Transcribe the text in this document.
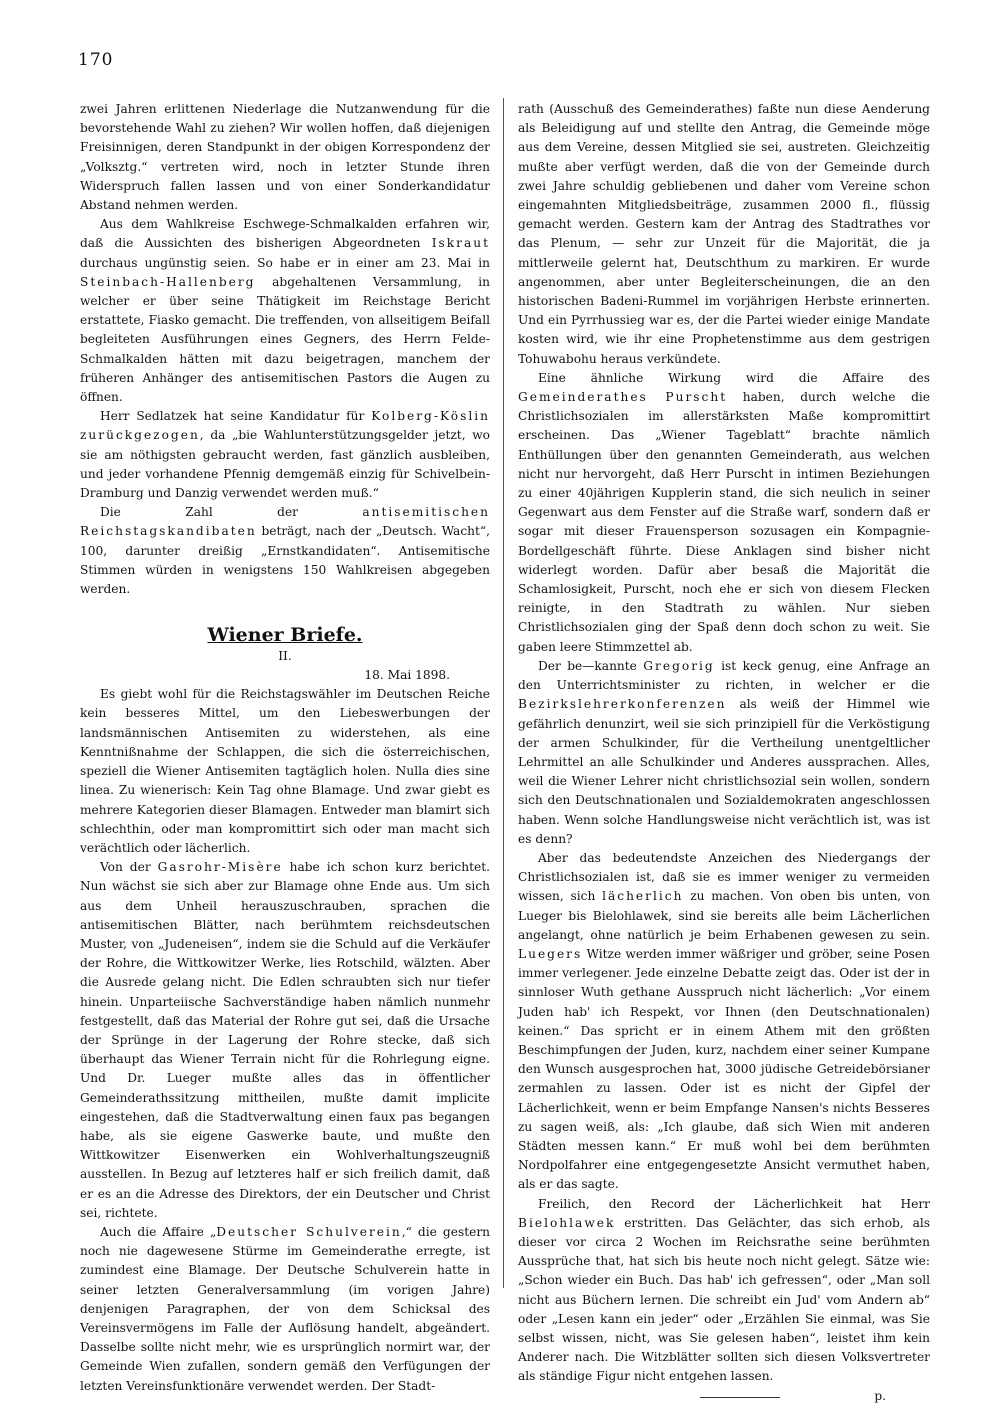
170

zwei Jahren erlittenen Niederlage die Nutzanwendung für die bevorstehende Wahl zu ziehen? Wir wollen hoffen, daß diejenigen Freisinnigen, deren Standpunkt in der obigen Korrespondenz der „Volksztg.“ vertreten wird, noch in letzter Stunde ihren Widerspruch fallen lassen und von einer Sonderkandidatur Abstand nehmen werden.

Aus dem Wahlkreise Eschwege-Schmalkalden erfahren wir, daß die Aussichten des bisherigen Abgeordneten Iskraut durchaus ungünstig seien. So habe er in einer am 23. Mai in Steinbach-Hallenberg abgehaltenen Versammlung, in welcher er über seine Thätigkeit im Reichstage Bericht erstattete, Fiasko gemacht. Die treffenden, von allseitigem Beifall begleiteten Ausführungen eines Gegners, des Herrn Felde-Schmalkalden hätten mit dazu beigetragen, manchem der früheren Anhänger des antisemitischen Pastors die Augen zu öffnen.

Herr Sedlatzek hat seine Kandidatur für Kolberg-Köslin zurückgezogen, da „bie Wahlunterstützungsgelder jetzt, wo sie am nöthigsten gebraucht werden, fast gänzlich ausbleiben, und jeder vorhandene Pfennig demgemäß einzig für Schivelbein-Dramburg und Danzig verwendet werden muß.“

Die Zahl der antisemitischen Reichstagskandibaten beträgt, nach der „Deutsch. Wacht“, 100, darunter dreißig „Ernstkandidaten“. Antisemitische Stimmen würden in wenigstens 150 Wahlkreisen abgegeben werden.

Wiener Briefe.

II.

18. Mai 1898.

Es giebt wohl für die Reichstagswähler im Deutschen Reiche kein besseres Mittel, um den Liebeswerbungen der landsmännischen Antisemiten zu widerstehen, als eine Kenntnißnahme der Schlappen, die sich die österreichischen, speziell die Wiener Antisemiten tagtäglich holen. Nulla dies sine linea. Zu wienerisch: Kein Tag ohne Blamage. Und zwar giebt es mehrere Kategorien dieser Blamagen. Entweder man blamirt sich schlechthin, oder man kompromittirt sich oder man macht sich verächtlich oder lächerlich.

Von der Gasrohr-Misère habe ich schon kurz berichtet. Nun wächst sie sich aber zur Blamage ohne Ende aus. Um sich aus dem Unheil herauszuschrauben, sprachen die antisemitischen Blätter, nach berühmtem reichsdeutschen Muster, von „Judeneisen“, indem sie die Schuld auf die Verkäufer der Rohre, die Wittkowitzer Werke, lies Rotschild, wälzten. Aber die Ausrede gelang nicht. Die Edlen schraubten sich nur tiefer hinein. Unparteiische Sachverständige haben nämlich nunmehr festgestellt, daß das Material der Rohre gut sei, daß die Ursache der Sprünge in der Lagerung der Rohre stecke, daß sich überhaupt das Wiener Terrain nicht für die Rohrlegung eigne. Und Dr. Lueger mußte alles das in öffentlicher Gemeinderathssitzung mittheilen, mußte damit implicite eingestehen, daß die Stadtverwaltung einen faux pas begangen habe, als sie eigene Gaswerke baute, und mußte den Wittkowitzer Eisenwerken ein Wohlverhaltungszeugniß ausstellen. In Bezug auf letzteres half er sich freilich damit, daß er es an die Adresse des Direktors, der ein Deutscher und Christ sei, richtete.

Auch die Affaire „Deutscher Schulverein,“ die gestern noch nie dagewesene Stürme im Gemeinderathe erregte, ist zumindest eine Blamage. Der Deutsche Schulverein hatte in seiner letzten Generalversammlung (im vorigen Jahre) denjenigen Paragraphen, der von dem Schicksal des Vereinsvermögens im Falle der Auflösung handelt, abgeändert. Dasselbe sollte nicht mehr, wie es ursprünglich normirt war, der Gemeinde Wien zufallen, sondern gemäß den Verfügungen der letzten Vereinsfunktionäre verwendet werden. Der Stadt-

rath (Ausschuß des Gemeinderathes) faßte nun diese Aenderung als Beleidigung auf und stellte den Antrag, die Gemeinde möge aus dem Vereine, dessen Mitglied sie sei, austreten. Gleichzeitig mußte aber verfügt werden, daß die von der Gemeinde durch zwei Jahre schuldig gebliebenen und daher vom Vereine schon eingemahnten Mitgliedsbeiträge, zusammen 2000 fl., flüssig gemacht werden. Gestern kam der Antrag des Stadtrathes vor das Plenum, — sehr zur Unzeit für die Majorität, die ja mittlerweile gelernt hat, Deutschthum zu markiren. Er wurde angenommen, aber unter Begleiterscheinungen, die an den historischen Badeni-Rummel im vorjährigen Herbste erinnerten. Und ein Pyrrhussieg war es, der die Partei wieder einige Mandate kosten wird, wie ihr eine Prophetenstimme aus dem gestrigen Tohuwabohu heraus verkündete.

Eine ähnliche Wirkung wird die Affaire des Gemeinderathes Purscht haben, durch welche die Christlichsozialen im allerstärksten Maße kompromittirt erscheinen. Das „Wiener Tageblatt“ brachte nämlich Enthüllungen über den genannten Gemeinderath, aus welchen nicht nur hervorgeht, daß Herr Purscht in intimen Beziehungen zu einer 40jährigen Kupplerin stand, die sich neulich in seiner Gegenwart aus dem Fenster auf die Straße warf, sondern daß er sogar mit dieser Frauensperson sozusagen ein Kompagnie-Bordellgeschäft führte. Diese Anklagen sind bisher nicht widerlegt worden. Dafür aber besaß die Majorität die Schamlosigkeit, Purscht, noch ehe er sich von diesem Flecken reinigte, in den Stadtrath zu wählen. Nur sieben Christlichsozialen ging der Spaß denn doch schon zu weit. Sie gaben leere Stimmzettel ab.

Der be—kannte Gregorig ist keck genug, eine Anfrage an den Unterrichtsminister zu richten, in welcher er die Bezirkslehrerkonferenzen als weiß der Himmel wie gefährlich denunzirt, weil sie sich prinzipiell für die Verköstigung der armen Schulkinder, für die Vertheilung unentgeltlicher Lehrmittel an alle Schulkinder und Anderes aussprachen. Alles, weil die Wiener Lehrer nicht christlichsozial sein wollen, sondern sich den Deutschnationalen und Sozialdemokraten angeschlossen haben. Wenn solche Handlungsweise nicht verächtlich ist, was ist es denn?

Aber das bedeutendste Anzeichen des Niedergangs der Christlichsozialen ist, daß sie es immer weniger zu vermeiden wissen, sich lächerlich zu machen. Von oben bis unten, von Lueger bis Bielohlawek, sind sie bereits alle beim Lächerlichen angelangt, ohne natürlich je beim Erhabenen gewesen zu sein. Luegers Witze werden immer wäßriger und gröber, seine Posen immer verlegener. Jede einzelne Debatte zeigt das. Oder ist der in sinnloser Wuth gethane Ausspruch nicht lächerlich: „Vor einem Juden hab' ich Respekt, vor Ihnen (den Deutschnationalen) keinen.“ Das spricht er in einem Athem mit den größten Beschimpfungen der Juden, kurz, nachdem einer seiner Kumpane den Wunsch ausgesprochen hat, 3000 jüdische Getreidebörsianer zermahlen zu lassen. Oder ist es nicht der Gipfel der Lächerlichkeit, wenn er beim Empfange Nansen's nichts Besseres zu sagen weiß, als: „Ich glaube, daß sich Wien mit anderen Städten messen kann.“ Er muß wohl bei dem berühmten Nordpolfahrer eine entgegengesetzte Ansicht vermuthet haben, als er das sagte.

Freilich, den Record der Lächerlichkeit hat Herr Bielohlawek erstritten. Das Gelächter, das sich erhob, als dieser vor circa 2 Wochen im Reichsrathe seine berühmten Aussprüche that, hat sich bis heute noch nicht gelegt. Sätze wie: „Schon wieder ein Buch. Das hab' ich gefressen“, oder „Man soll nicht aus Büchern lernen. Die schreibt ein Jud' vom Andern ab“ oder „Lesen kann ein jeder“ oder „Erzählen Sie einmal, was Sie selbst wissen, nicht, was Sie gelesen haben“, leistet ihm kein Anderer nach. Die Witzblätter sollten sich diesen Volksvertreter als ständige Figur nicht entgehen lassen.

p.
